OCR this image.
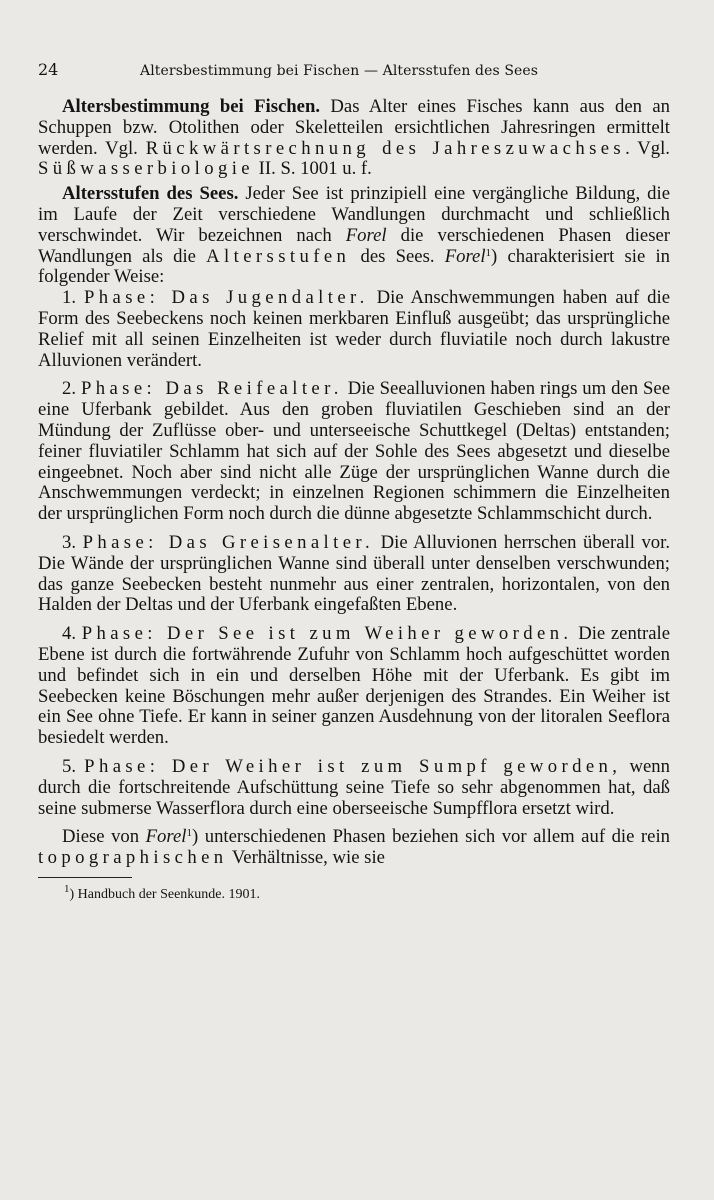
24	Altersbestimmung bei Fischen — Altersstufen des Sees

Altersbestimmung bei Fischen. Das Alter eines Fisches kann aus den an Schuppen bzw. Otolithen oder Skeletteilen ersichtlichen Jahresringen ermittelt werden. Vgl. Rückwärtsrechnung des Jahreszuwachses. Vgl. Süßwasserbiologie II. S. 1001 u. f.

Altersstufen des Sees. Jeder See ist prinzipiell eine vergängliche Bildung, die im Laufe der Zeit verschiedene Wandlungen durchmacht und schließlich verschwindet. Wir bezeichnen nach Forel die verschiedenen Phasen dieser Wandlungen als die Altersstufen des Sees. Forel$^1$) charakterisiert sie in folgender Weise:

1. Phase: Das Jugendalter. Die Anschwemmungen haben auf die Form des Seebeckens noch keinen merkbaren Einfluß ausgeübt; das ursprüngliche Relief mit all seinen Einzelheiten ist weder durch fluviatile noch durch lakustre Alluvionen verändert.

2. Phase: Das Reifealter. Die Seealluvionen haben rings um den See eine Uferbank gebildet. Aus den groben fluviatilen Geschieben sind an der Mündung der Zuflüsse ober- und unterseeische Schuttkegel (Deltas) entstanden; feiner fluviatiler Schlamm hat sich auf der Sohle des Sees abgesetzt und dieselbe eingeebnet. Noch aber sind nicht alle Züge der ursprünglichen Wanne durch die Anschwemmungen verdeckt; in einzelnen Regionen schimmern die Einzelheiten der ursprünglichen Form noch durch die dünne abgesetzte Schlammschicht durch.

3. Phase: Das Greisenalter. Die Alluvionen herrschen überall vor. Die Wände der ursprünglichen Wanne sind überall unter denselben verschwunden; das ganze Seebecken besteht nunmehr aus einer zentralen, horizontalen, von den Halden der Deltas und der Uferbank eingefaßten Ebene.

4. Phase: Der See ist zum Weiher geworden. Die zentrale Ebene ist durch die fortwährende Zufuhr von Schlamm hoch aufgeschüttet worden und befindet sich in ein und derselben Höhe mit der Uferbank. Es gibt im Seebecken keine Böschungen mehr außer derjenigen des Strandes. Ein Weiher ist ein See ohne Tiefe. Er kann in seiner ganzen Ausdehnung von der litoralen Seeflora besiedelt werden.

5. Phase: Der Weiher ist zum Sumpf geworden, wenn durch die fortschreitende Aufschüttung seine Tiefe so sehr abgenommen hat, daß seine submerse Wasserflora durch eine oberseeische Sumpfflora ersetzt wird.

Diese von Forel$^1$) unterschiedenen Phasen beziehen sich vor allem auf die rein topographischen Verhältnisse, wie sie

$^1$) Handbuch der Seenkunde. 1901.
